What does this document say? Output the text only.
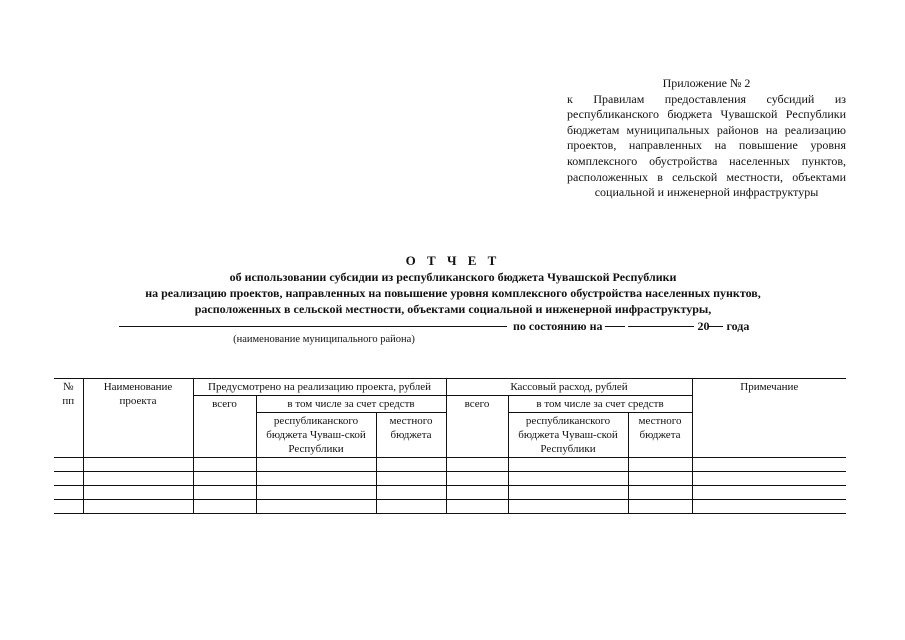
Приложение № 2
к Правилам предоставления субсидий из республиканского бюджета Чувашской Республики бюджетам муниципальных районов на реализацию проектов, направленных на повышение уровня комплексного обустройства населенных пунктов, расположенных в сельской местности, объектами социальной и инженерной инфраструктуры
О Т Ч Е Т
об использовании субсидии из республиканского бюджета Чувашской Республики
на реализацию проектов, направленных на повышение уровня комплексного обустройства населенных пунктов,
расположенных в сельской местности, объектами социальной и инженерной инфраструктуры,
по состоянию на	20 года
(наименование муниципального района)
№ пп	Наименование проекта	Предусмотрено на реализацию проекта, рублей			Кассовый расход, рублей			Примечание
		всего	в том числе за счет средств		всего	в том числе за счет средств		
			республиканского бюджета Чуваш-ской Республики	местного бюджета		республиканского бюджета Чуваш-ской Республики	местного бюджета	
